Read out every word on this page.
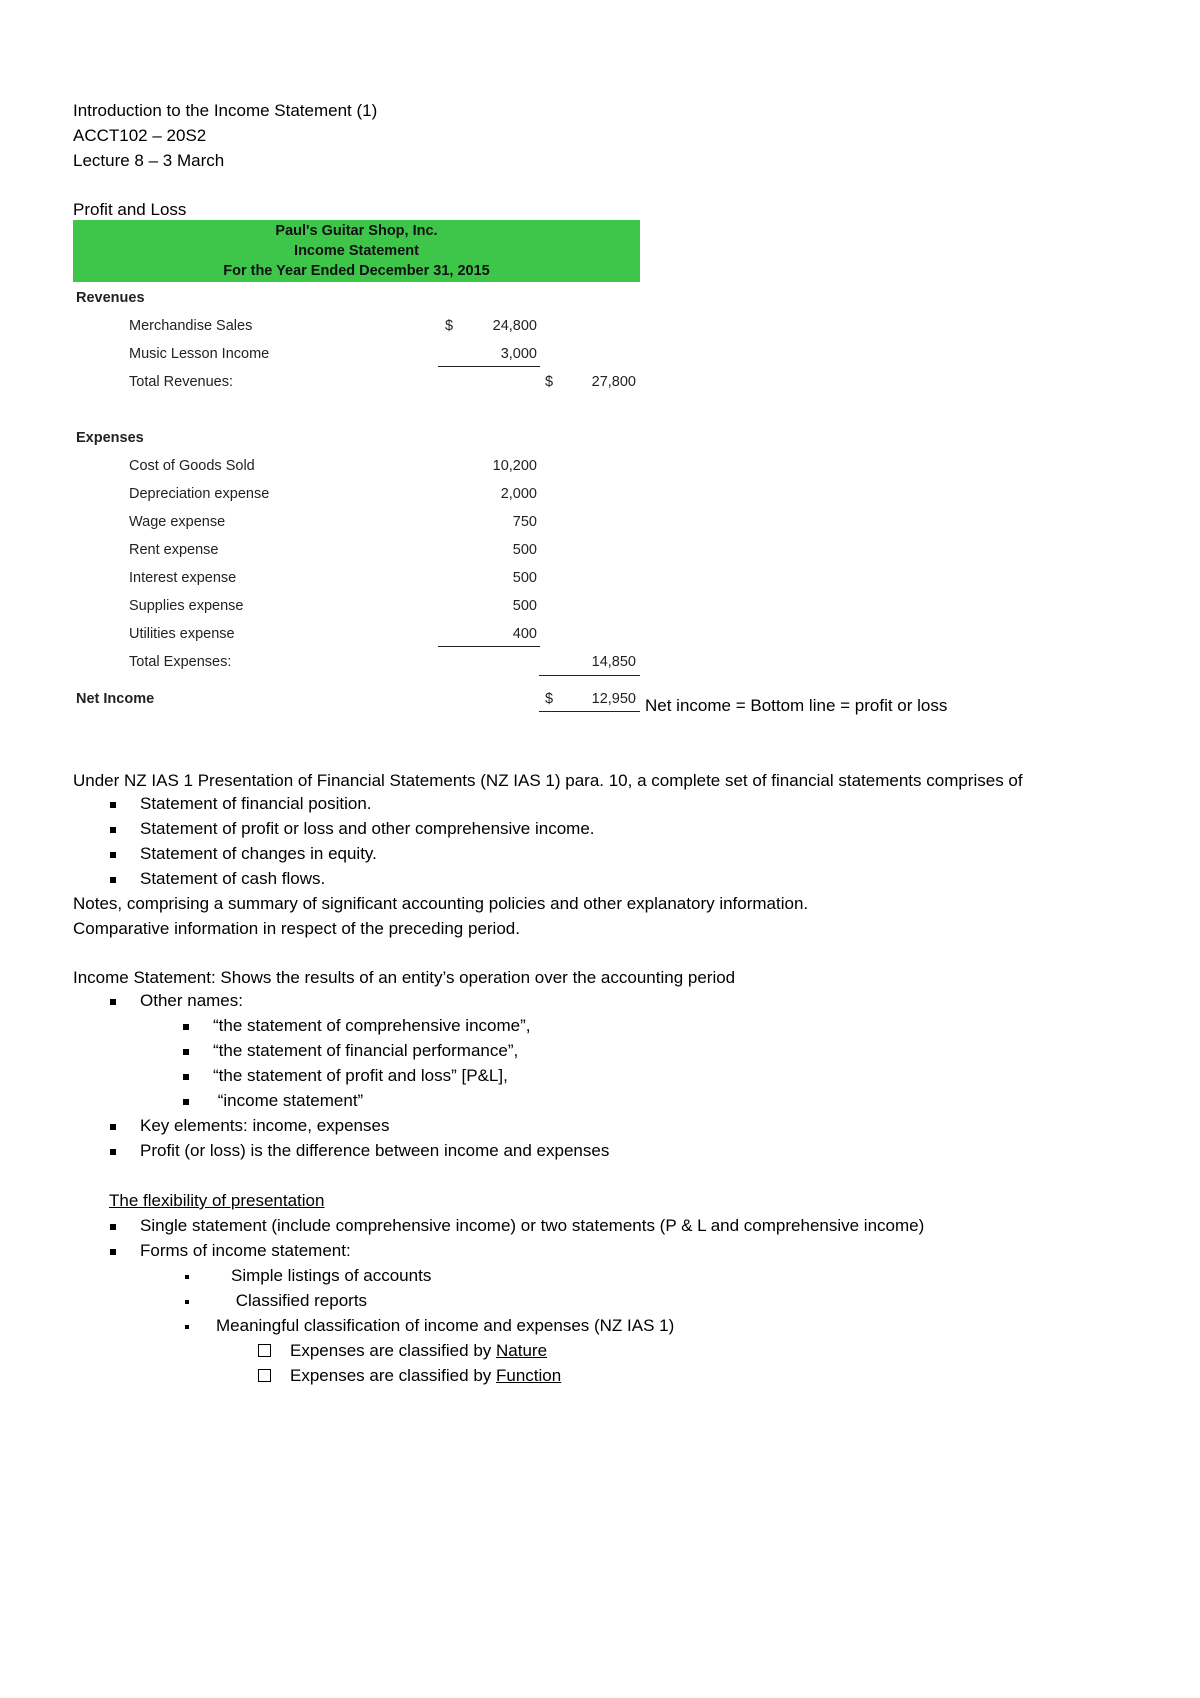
Introduction to the Income Statement (1)
ACCT102 – 20S2
Lecture 8 – 3 March
Profit and Loss
Paul's Guitar Shop, Inc.
Income Statement
For the Year Ended December 31, 2015
Revenues
Merchandise Sales	$	24,800
Music Lesson Income	3,000
Total Revenues:	$	27,800
Expenses
Cost of Goods Sold	10,200
Depreciation expense	2,000
Wage expense	750
Rent expense	500
Interest expense	500
Supplies expense	500
Utilities expense	400
Total Expenses:	14,850
Net Income	$	12,950 Net income = Bottom line = profit or loss
Under NZ IAS 1 Presentation of Financial Statements (NZ IAS 1) para. 10, a complete set of financial statements comprises of
Statement of financial position.
Statement of profit or loss and other comprehensive income.
Statement of changes in equity.
Statement of cash flows.
Notes, comprising a summary of significant accounting policies and other explanatory information.
Comparative information in respect of the preceding period.
Income Statement: Shows the results of an entity’s operation over the accounting period
Other names:
“the statement of comprehensive income”,
“the statement of financial performance”,
“the statement of profit and loss” [P&L],
“income statement”
Key elements: income, expenses
Profit (or loss) is the difference between income and expenses
The flexibility of presentation
Single statement (include comprehensive income) or two statements (P & L and comprehensive income)
Forms of income statement:
Simple listings of accounts
Classified reports
Meaningful classification of income and expenses (NZ IAS 1)
Expenses are classified by Nature
Expenses are classified by Function
